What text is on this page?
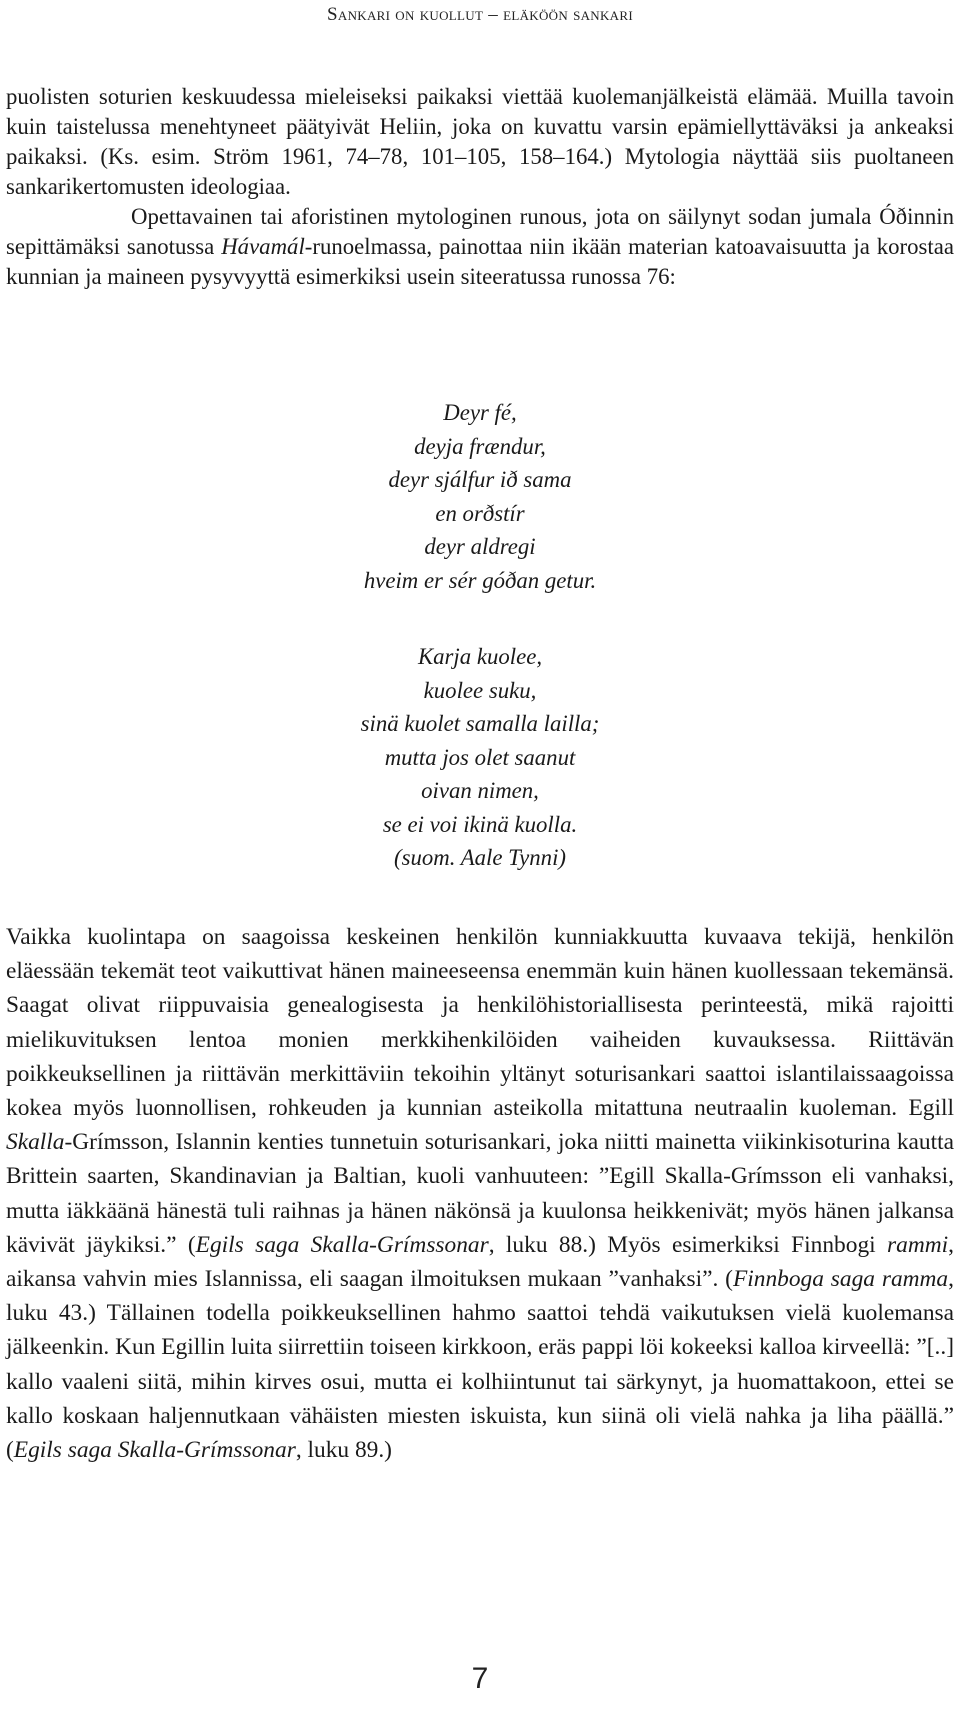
Sankari on kuollut – eläköön sankari

puolisten soturien keskuudessa mieleiseksi paikaksi viettää kuolemanjälkeistä elämää. Muilla tavoin kuin taistelussa menehtyneet päätyivät Heliin, joka on kuvattu varsin epämiellyttäväksi ja ankeaksi paikaksi. (Ks. esim. Ström 1961, 74–78, 101–105, 158–164.) Mytologia näyttää siis puoltaneen sankarikertomusten ideologiaa.

Opettavainen tai aforistinen mytologinen runous, jota on säilynyt sodan jumala Óðinnin sepittämäksi sanotussa Hávamál-runoelmassa, painottaa niin ikään materian katoavaisuutta ja korostaa kunnian ja maineen pysyvyyttä esimerkiksi usein siteeratussa runossa 76:

Deyr fé,
deyja frændur,
deyr sjálfur ið sama
en orðstír
deyr aldregi
hveim er sér góðan getur.
Karja kuolee,
kuolee suku,
sinä kuolet samalla lailla;
mutta jos olet saanut
oivan nimen,
se ei voi ikinä kuolla.
(suom. Aale Tynni)

Vaikka kuolintapa on saagoissa keskeinen henkilön kunniakkuutta kuvaava tekijä, henkilön eläessään tekemät teot vaikuttivat hänen maineeseensa enemmän kuin hänen kuollessaan tekemänsä. Saagat olivat riippuvaisia genealogisesta ja henkilöhistoriallisesta perinteestä, mikä rajoitti mielikuvituksen lentoa monien merkkihenkilöiden vaiheiden kuvauksessa. Riittävän poikkeuksellinen ja riittävän merkittäviin tekoihin yltänyt soturisankari saattoi islantilaissaagoissa kokea myös luonnollisen, rohkeuden ja kunnian asteikolla mitattuna neutraalin kuoleman. Egill Skalla-Grímsson, Islannin kenties tunnetuin soturisankari, joka niitti mainetta viikinkisoturina kautta Brittein saarten, Skandinavian ja Baltian, kuoli vanhuuteen: ”Egill Skalla-Grímsson eli vanhaksi, mutta iäkkäänä hänestä tuli raihnas ja hänen näkönsä ja kuulonsa heikkenivät; myös hänen jalkansa kävivät jäykiksi.” (Egils saga Skalla-Grímssonar, luku 88.) Myös esimerkiksi Finnbogi rammi, aikansa vahvin mies Islannissa, eli saagan ilmoituksen mukaan ”vanhaksi”. (Finnboga saga ramma, luku 43.) Tällainen todella poikkeuksellinen hahmo saattoi tehdä vaikutuksen vielä kuolemansa jälkeenkin. Kun Egillin luita siirrettiin toiseen kirkkoon, eräs pappi löi kokeeksi kalloa kirveellä: ”[..] kallo vaaleni siitä, mihin kirves osui, mutta ei kolhiintunut tai särkynyt, ja huomattakoon, ettei se kallo koskaan haljennutkaan vähäisten miesten iskuista, kun siinä oli vielä nahka ja liha päällä.” (Egils saga Skalla-Grímssonar, luku 89.)

7
